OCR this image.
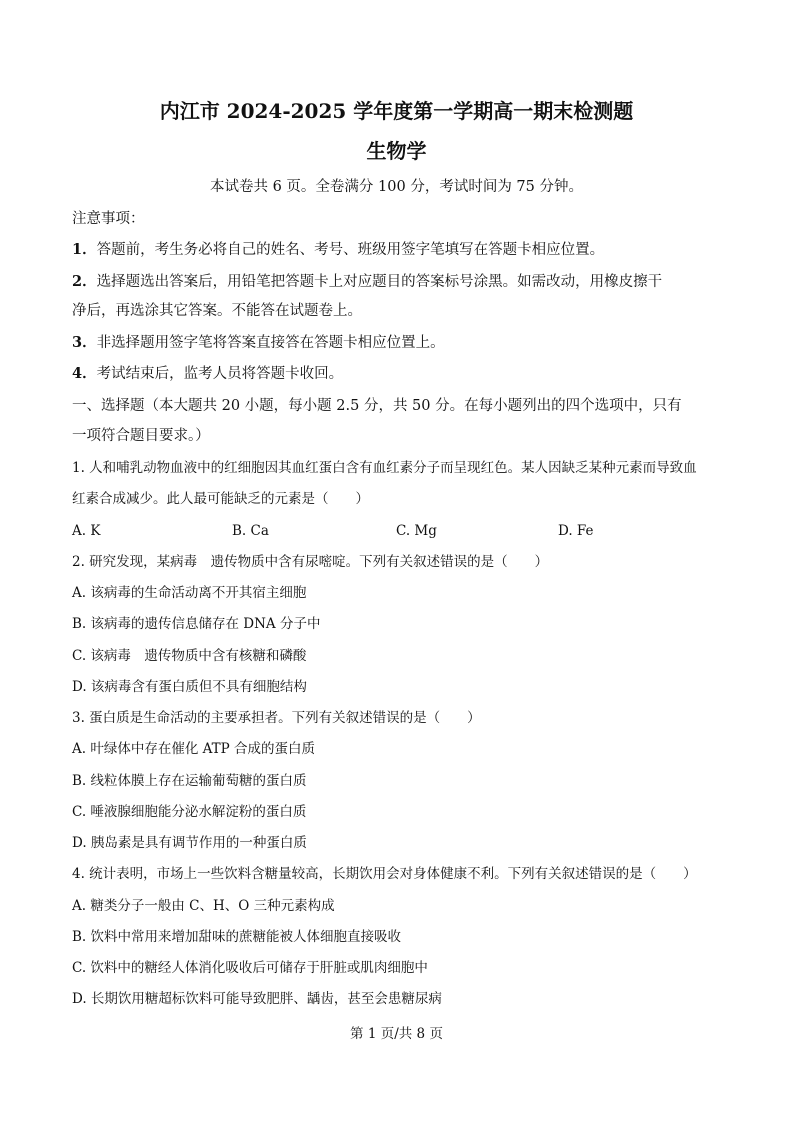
内江市 2024-2025 学年度第一学期高一期末检测题
生物学
本试卷共 6 页。全卷满分 100 分，考试时间为 75 分钟。
注意事项：
1．答题前，考生务必将自己的姓名、考号、班级用签字笔填写在答题卡相应位置。
2．选择题选出答案后，用铅笔把答题卡上对应题目的答案标号涂黑。如需改动，用橡皮擦干
净后，再选涂其它答案。不能答在试题卷上。
3．非选择题用签字笔将答案直接答在答题卡相应位置上。
4．考试结束后，监考人员将答题卡收回。
一、选择题（本大题共 20 小题，每小题 2.5 分，共 50 分。在每小题列出的四个选项中，只有
一项符合题目要求。）
1. 人和哺乳动物血液中的红细胞因其血红蛋白含有血红素分子而呈现红色。某人因缺乏某种元素而导致血
红素合成减少。此人最可能缺乏的元素是（　　）
A. K	B. Ca	C. Mg	D. Fe
2. 研究发现，某病毒　遗传物质中含有尿嘧啶。下列有关叙述错误的是（　　）
A. 该病毒的生命活动离不开其宿主细胞
B. 该病毒的遗传信息储存在 DNA 分子中
C. 该病毒　遗传物质中含有核糖和磷酸
D. 该病毒含有蛋白质但不具有细胞结构
3. 蛋白质是生命活动的主要承担者。下列有关叙述错误的是（　　）
A. 叶绿体中存在催化 ATP 合成的蛋白质
B. 线粒体膜上存在运输葡萄糖的蛋白质
C. 唾液腺细胞能分泌水解淀粉的蛋白质
D. 胰岛素是具有调节作用的一种蛋白质
4. 统计表明，市场上一些饮料含糖量较高，长期饮用会对身体健康不利。下列有关叙述错误的是（　　）
A. 糖类分子一般由 C、H、O 三种元素构成
B. 饮料中常用来增加甜味的蔗糖能被人体细胞直接吸收
C. 饮料中的糖经人体消化吸收后可储存于肝脏或肌肉细胞中
D. 长期饮用糖超标饮料可能导致肥胖、龋齿，甚至会患糖尿病
第 1 页/共 8 页
